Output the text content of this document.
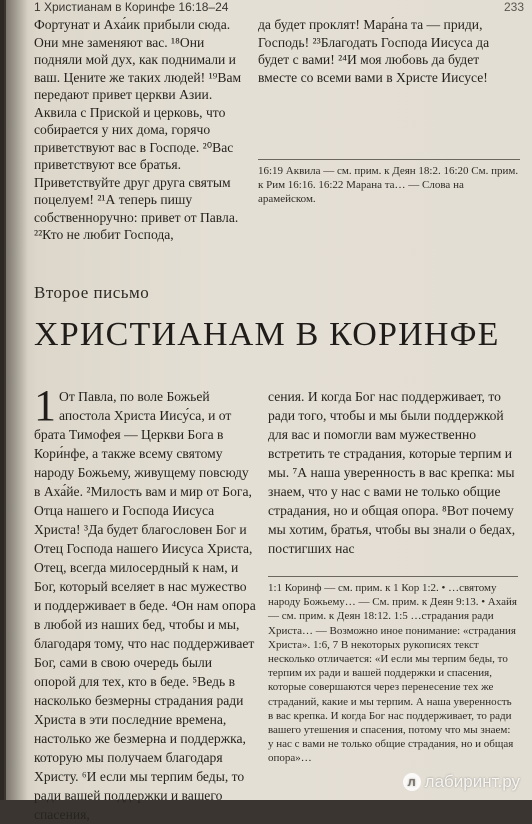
1 Христианам в Коринфе 16:18–24	233

Фортунат и Аха́ик прибыли сюда. Они мне заменяют вас. ¹⁸Они подняли мой дух, как поднимали и ваш. Цените же таких людей! ¹⁹Вам передают привет церкви Азии. Аквила с Приской и церковь, что собирается у них дома, горячо приветствуют вас в Господе. ²⁰Вас приветствуют все братья. Приветствуйте друг друга святым поцелуем! ²¹А теперь пишу собственноручно: привет от Павла. ²²Кто не любит Господа,

да будет проклят! Мара́на та — приди, Господь! ²³Благодать Господа Иисуса да будет с вами! ²⁴И моя любовь да будет вместе со всеми вами в Христе Иисусе!

16:19 Аквила — см. прим. к Деян 18:2. 16:20 См. прим. к Рим 16:16. 16:22 Марана та… — Слова на арамейском.
Второе письмо
ХРИСТИАНАМ В КОРИНФЕ
1 От Павла, по воле Божьей апостола Христа Иису́са, и от брата Тимофея — Церкви Бога в Кори́нфе, а также всему святому народу Божьему, живущему повсюду в Аха́йе. ²Милость вам и мир от Бога, Отца нашего и Господа Иисуса Христа! ³Да будет благословен Бог и Отец Господа нашего Иисуса Христа, Отец, всегда милосердный к нам, и Бог, который вселяет в нас мужество и поддерживает в беде. ⁴Он нам опора в любой из наших бед, чтобы и мы, благодаря тому, что нас поддерживает Бог, сами в свою очередь были опорой для тех, кто в беде. ⁵Ведь в насколько безмерны страдания ради Христа в эти последние времена, настолько же безмерна и поддержка, которую мы получаем благодаря Христу. ⁶И если мы терпим беды, то ради вашей поддержки и вашего спасения,

сения. И когда Бог нас поддерживает, то ради того, чтобы и мы были поддержкой для вас и помогли вам мужественно встретить те страдания, которые терпим и мы. ⁷А наша уверенность в вас крепка: мы знаем, что у нас с вами не только общие страдания, но и общая опора. ⁸Вот почему мы хотим, братья, чтобы вы знали о бедах, постигших нас

1:1 Коринф — см. прим. к 1 Кор 1:2. • …святому народу Божьему… — См. прим. к Деян 9:13. • Ахайя — см. прим. к Деян 18:12. 1:5 …страдания ради Христа… — Возможно иное понимание: «страдания Христа». 1:6, 7 В некоторых рукописях текст несколько отличается: «И если мы терпим беды, то терпим их ради и вашей поддержки и спасения, которые совершаются через перенесение тех же страданий, какие и мы терпим. А наша уверенность в вас крепка. И когда Бог нас поддерживает, то ради вашего утешения и спасения, потому что мы знаем: у нас с вами не только общие страдания, но и общая опора»…
л лабиринт.ру
